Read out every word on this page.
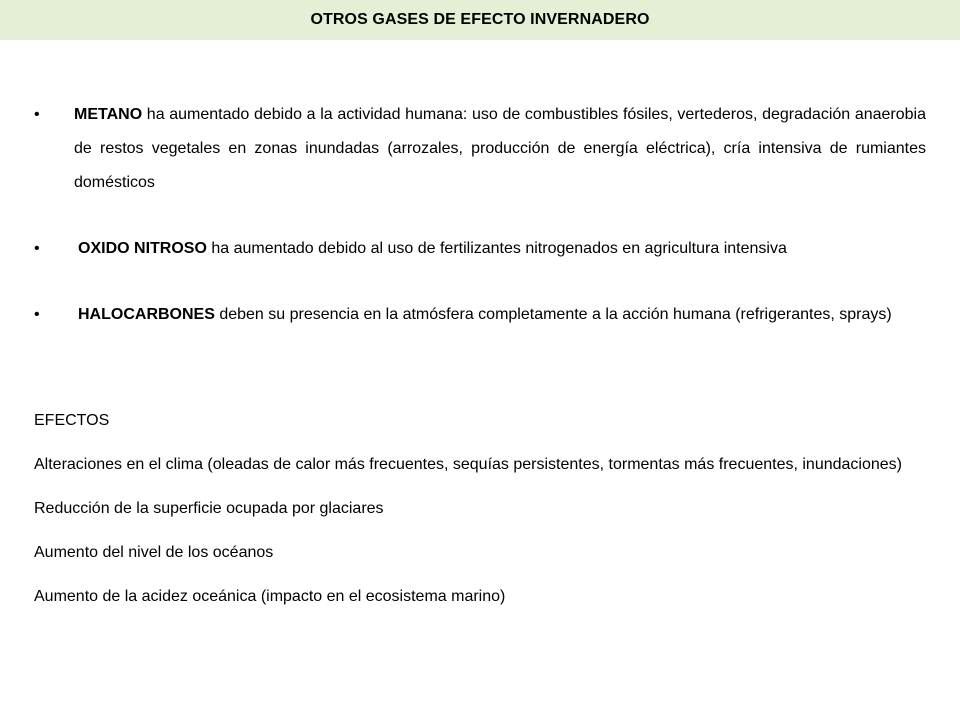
OTROS GASES DE EFECTO INVERNADERO
• METANO ha aumentado debido a la actividad humana: uso de combustibles fósiles, vertederos, degradación anaerobia de restos vegetales en zonas inundadas (arrozales, producción de energía eléctrica), cría intensiva de rumiantes domésticos
• OXIDO NITROSO ha aumentado debido al uso de fertilizantes nitrogenados en agricultura intensiva
• HALOCARBONES deben su presencia en la atmósfera completamente a la acción humana (refrigerantes, sprays)

EFECTOS

Alteraciones en el clima (oleadas de calor más frecuentes, sequías persistentes, tormentas más frecuentes, inundaciones)

Reducción de la superficie ocupada por glaciares

Aumento del nivel de los océanos

Aumento de la acidez oceánica (impacto en el ecosistema marino)
